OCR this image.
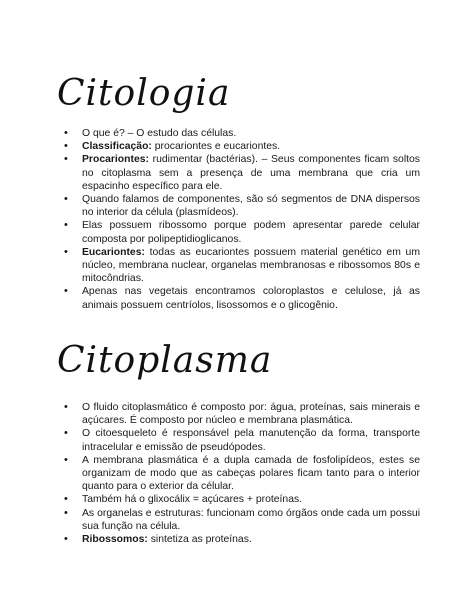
Citologia
• O que é? – O estudo das células.
• Classificação: procariontes e eucariontes.
• Procariontes: rudimentar (bactérias). – Seus componentes ficam soltos no citoplasma sem a presença de uma membrana que cria um espacinho específico para ele.
• Quando falamos de componentes, são só segmentos de DNA dispersos no interior da célula (plasmídeos).
• Elas possuem ribossomo porque podem apresentar parede celular composta por polipeptidioglicanos.
• Eucariontes: todas as eucariontes possuem material genético em um núcleo, membrana nuclear, organelas membranosas e ribossomos 80s e mitocôndrias.
• Apenas nas vegetais encontramos coloroplastos e celulose, já as animais possuem centríolos, lisossomos e o glicogênio.
Citoplasma
• O fluido citoplasmático é composto por: água, proteínas, sais minerais e açúcares. É composto por núcleo e membrana plasmática.
• O citoesqueleto é responsável pela manutenção da forma, transporte intracelular e emissão de pseudópodes.
• A membrana plasmática é a dupla camada de fosfolipídeos, estes se organizam de modo que as cabeças polares ficam tanto para o interior quanto para o exterior da célular.
• Também há o glixocálix = açúcares + proteínas.
• As organelas e estruturas: funcionam como órgãos onde cada um possui sua função na célula.
• Ribossomos: sintetiza as proteínas.
